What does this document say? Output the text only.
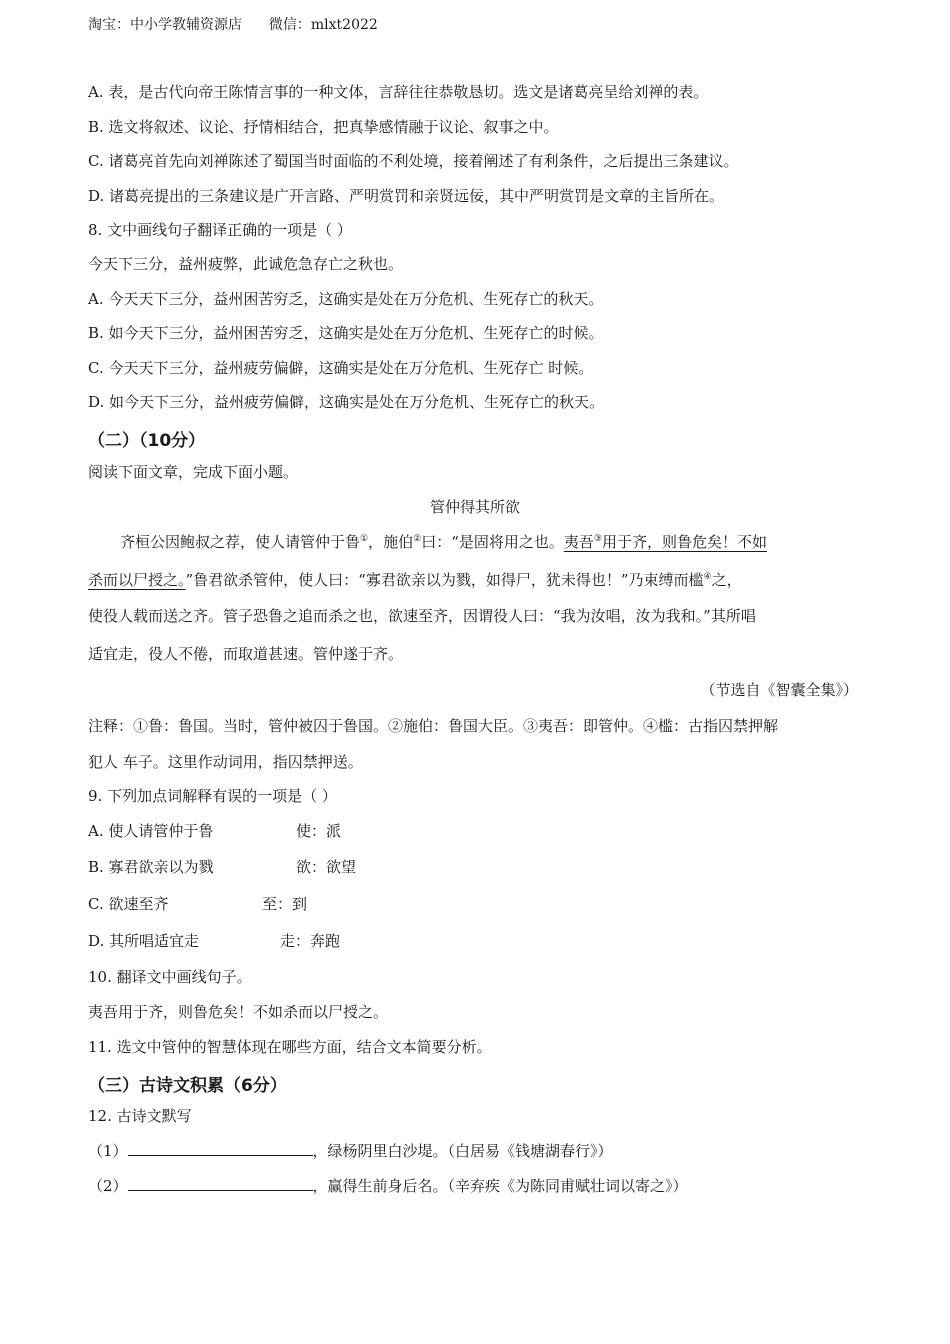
淘宝：中小学教辅资源店 微信：mlxt2022
A. 表，是古代向帝王陈情言事的一种文体，言辞往往恭敬恳切。选文是诸葛亮呈给刘禅的表。
B. 选文将叙述、议论、抒情相结合，把真挚感情融于议论、叙事之中。
C. 诸葛亮首先向刘禅陈述了蜀国当时面临的不利处境，接着阐述了有利条件，之后提出三条建议。
D. 诸葛亮提出的三条建议是广开言路、严明赏罚和亲贤远佞，其中严明赏罚是文章的主旨所在。
8. 文中画线句子翻译正确的一项是（ ）
今天下三分，益州疲弊，此诚危急存亡之秋也。
A. 今天天下三分，益州困苦穷乏，这确实是处在万分危机、生死存亡的秋天。
B. 如今天下三分，益州困苦穷乏，这确实是处在万分危机、生死存亡的时候。
C. 今天天下三分，益州疲劳偏僻，这确实是处在万分危机、生死存亡 时候。
D. 如今天下三分，益州疲劳偏僻，这确实是处在万分危机、生死存亡的秋天。
（二）（10分）
阅读下面文章，完成下面小题。
管仲得其所欲
齐桓公因鲍叔之荐，使人请管仲于鲁①，施伯②曰：“是固将用之也。夷吾③用于齐，则鲁危矣！不如
杀而以尸授之。”鲁君欲杀管仲，使人曰：“寡君欲亲以为戮，如得尸，犹未得也！”乃束缚而槛④之，
使役人载而送之齐。管子恐鲁之追而杀之也，欲速至齐，因谓役人曰：“我为汝唱，汝为我和。”其所唱
适宜走，役人不倦，而取道甚速。管仲遂于齐。
（节选自《智囊全集》）
注释：①鲁：鲁国。当时，管仲被囚于鲁国。②施伯：鲁国大臣。③夷吾：即管仲。④槛：古指囚禁押解
犯人 车子。这里作动词用，指囚禁押送。
9. 下列加点词解释有误的一项是（ ）
A. 使人请管仲于鲁	使：派
B. 寡君欲亲以为戮	欲：欲望
C. 欲速至齐	至：到
D. 其所唱适宜走	走：奔跑
10. 翻译文中画线句子。
夷吾用于齐，则鲁危矣！不如杀而以尸授之。
11. 选文中管仲的智慧体现在哪些方面，结合文本简要分析。
（三）古诗文积累（6分）
12. 古诗文默写
（1）	，绿杨阴里白沙堤。（白居易《钱塘湖春行》）
（2）	，赢得生前身后名。（辛弃疾《为陈同甫赋壮词以寄之》）
